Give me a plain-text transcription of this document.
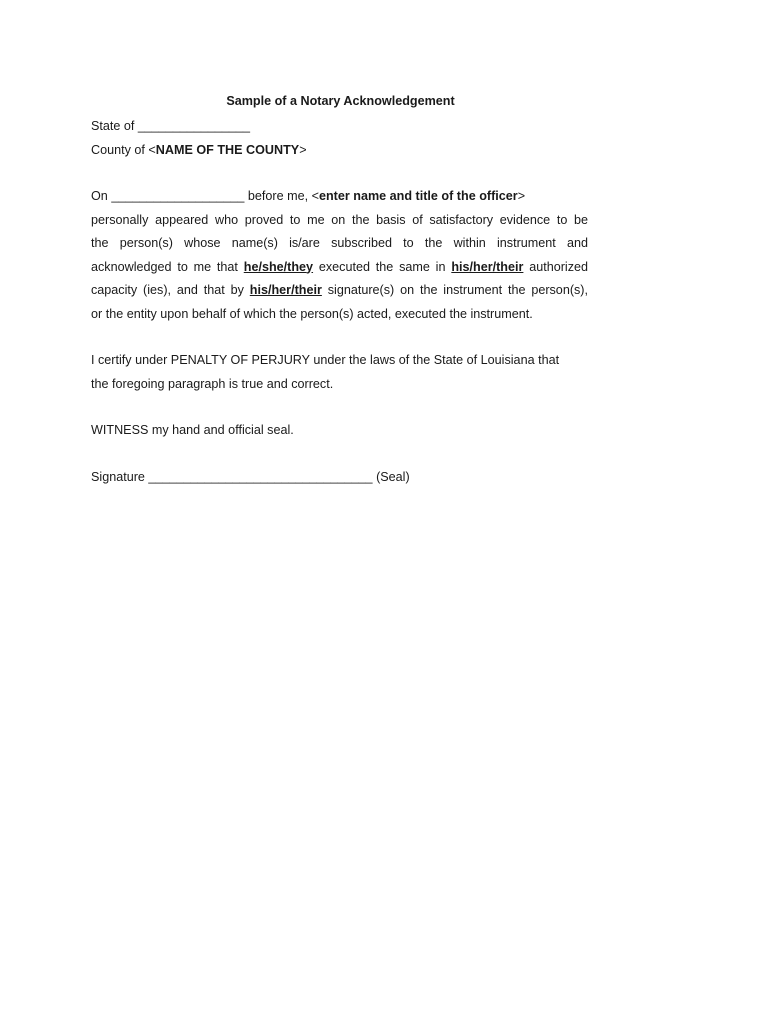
Sample of a Notary Acknowledgement
State of ________________
County of <NAME OF THE COUNTY>
On ___________________ before me, <enter name and title of the officer>
personally appeared who proved to me on the basis of satisfactory evidence to be
the person(s) whose name(s) is/are subscribed to the within instrument and
acknowledged to me that he/she/they executed the same in his/her/their authorized
capacity (ies), and that by his/her/their signature(s) on the instrument the person(s),
or the entity upon behalf of which the person(s) acted, executed the instrument.
I certify under PENALTY OF PERJURY under the laws of the State of Louisiana that
the foregoing paragraph is true and correct.
WITNESS my hand and official seal.
Signature ________________________________ (Seal)
